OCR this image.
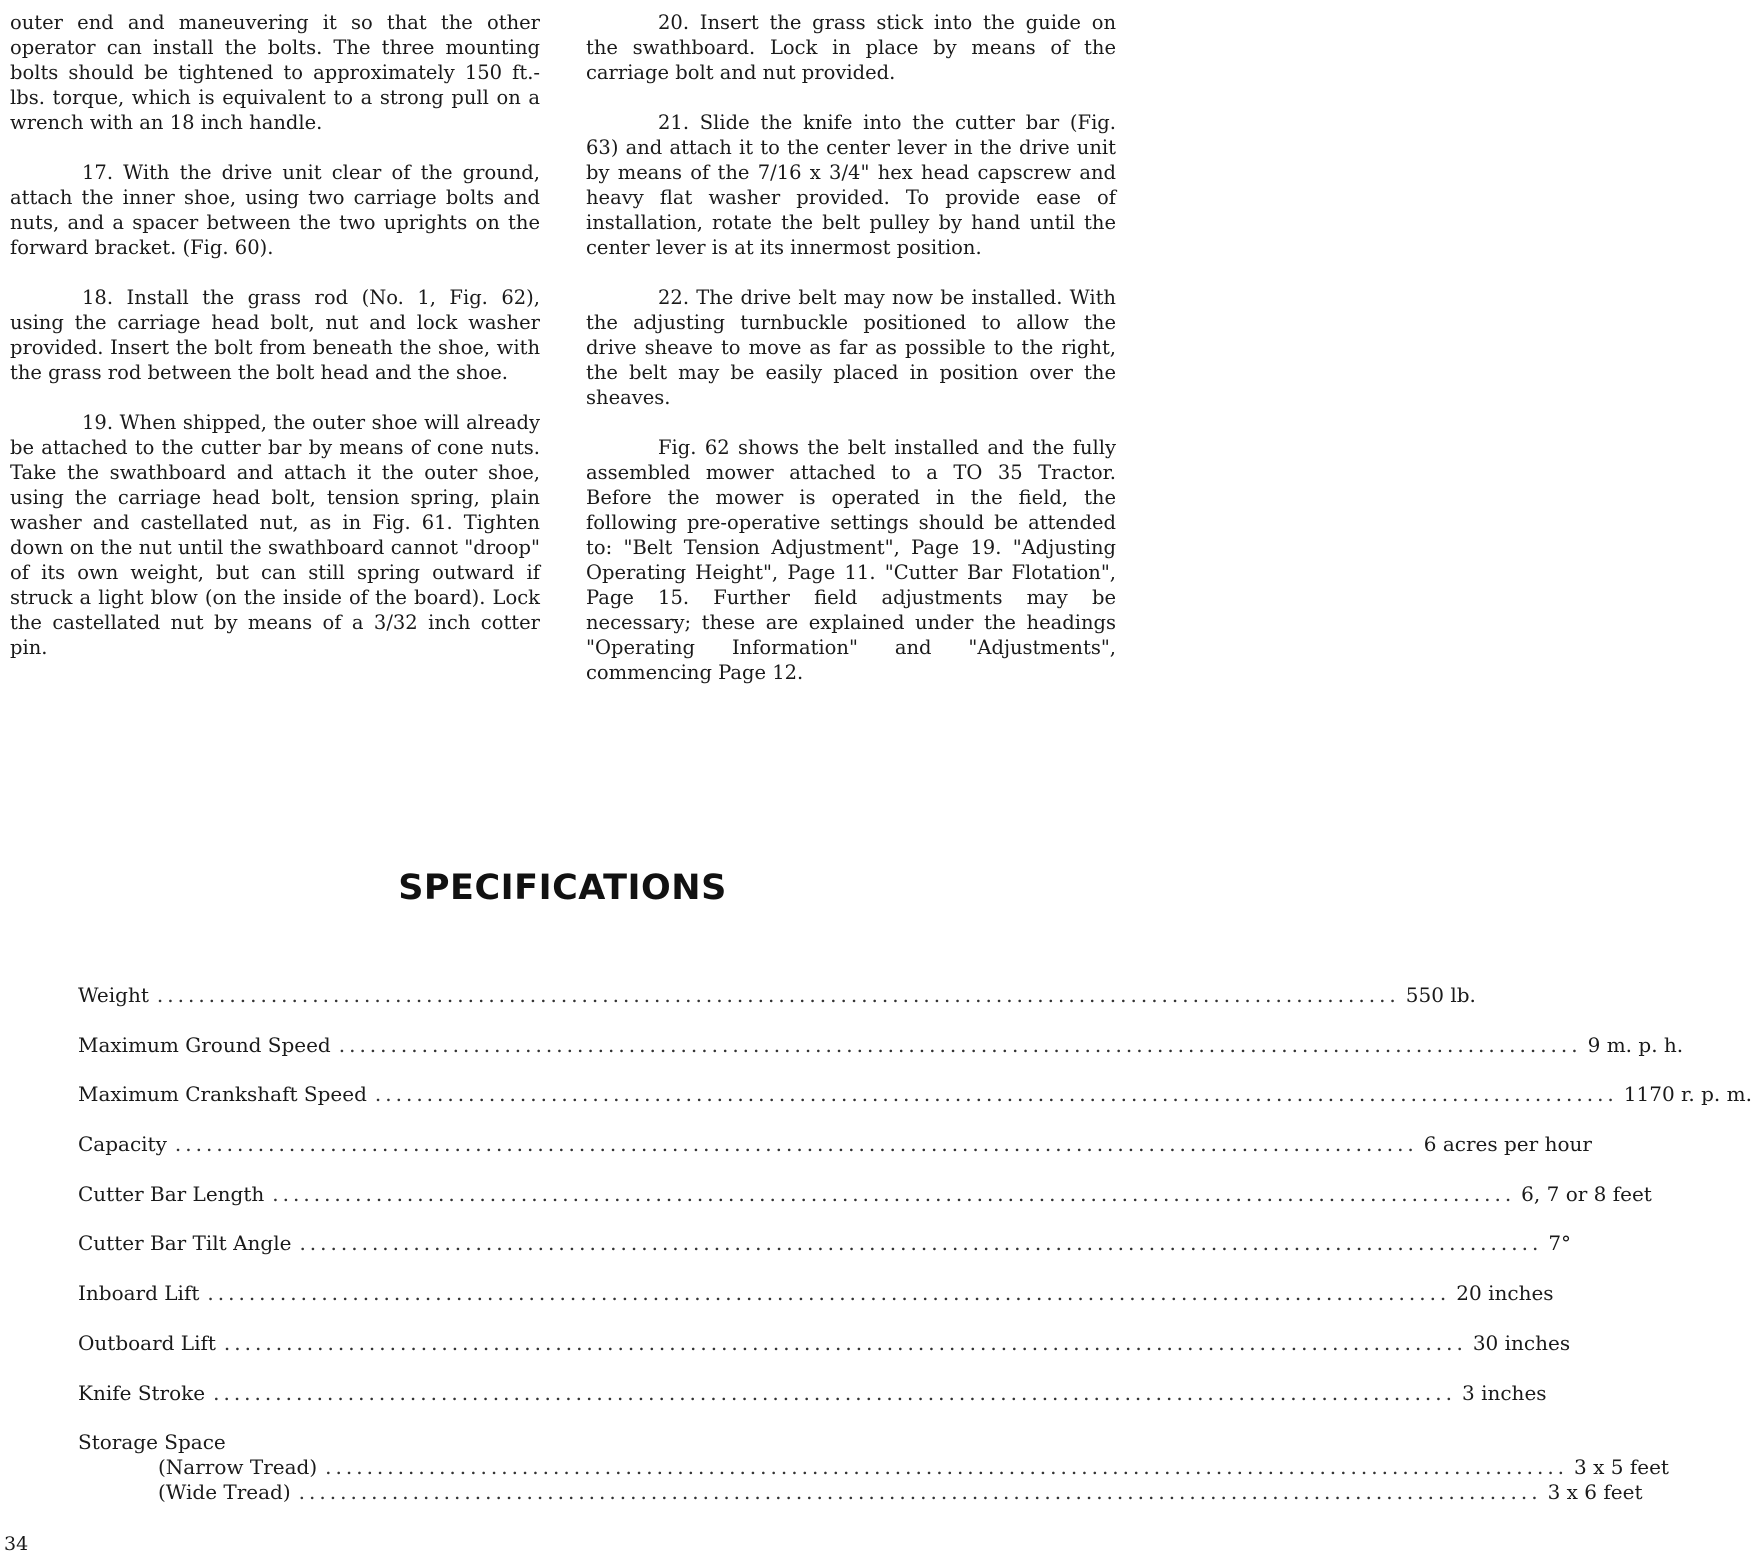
outer end and maneuvering it so that the other operator can install the bolts. The three mounting bolts should be tightened to approximately 150 ft.-lbs. torque, which is equivalent to a strong pull on a wrench with an 18 inch handle.

17. With the drive unit clear of the ground, attach the inner shoe, using two carriage bolts and nuts, and a spacer between the two uprights on the forward bracket. (Fig. 60).

18. Install the grass rod (No. 1, Fig. 62), using the carriage head bolt, nut and lock washer provided. Insert the bolt from beneath the shoe, with the grass rod between the bolt head and the shoe.

19. When shipped, the outer shoe will already be attached to the cutter bar by means of cone nuts. Take the swathboard and attach it the outer shoe, using the carriage head bolt, tension spring, plain washer and castellated nut, as in Fig. 61. Tighten down on the nut until the swathboard cannot "droop" of its own weight, but can still spring outward if struck a light blow (on the inside of the board). Lock the castellated nut by means of a 3/32 inch cotter pin.

20. Insert the grass stick into the guide on the swathboard. Lock in place by means of the carriage bolt and nut provided.

21. Slide the knife into the cutter bar (Fig. 63) and attach it to the center lever in the drive unit by means of the 7/16 x 3/4" hex head capscrew and heavy flat washer provided. To provide ease of installation, rotate the belt pulley by hand until the center lever is at its innermost position.

22. The drive belt may now be installed. With the adjusting turnbuckle positioned to allow the drive sheave to move as far as possible to the right, the belt may be easily placed in position over the sheaves.

Fig. 62 shows the belt installed and the fully assembled mower attached to a TO 35 Tractor. Before the mower is operated in the field, the following pre-operative settings should be attended to: "Belt Tension Adjustment", Page 19. "Adjusting Operating Height", Page 11. "Cutter Bar Flotation", Page 15. Further field adjustments may be necessary; these are explained under the headings "Operating Information" and "Adjustments", commencing Page 12.

SPECIFICATIONS
Weight ........................................................................................................................ 550 lb.
Maximum Ground Speed ........................................................................................................................ 9 m. p. h.
Maximum Crankshaft Speed ........................................................................................................................ 1170 r. p. m.
Capacity ........................................................................................................................ 6 acres per hour
Cutter Bar Length ........................................................................................................................ 6, 7 or 8 feet
Cutter Bar Tilt Angle ........................................................................................................................ 7°
Inboard Lift ........................................................................................................................ 20 inches
Outboard Lift ........................................................................................................................ 30 inches
Knife Stroke ........................................................................................................................ 3 inches
Storage Space
(Narrow Tread) ........................................................................................................................ 3 x 5 feet
(Wide Tread) ........................................................................................................................ 3 x 6 feet
34
